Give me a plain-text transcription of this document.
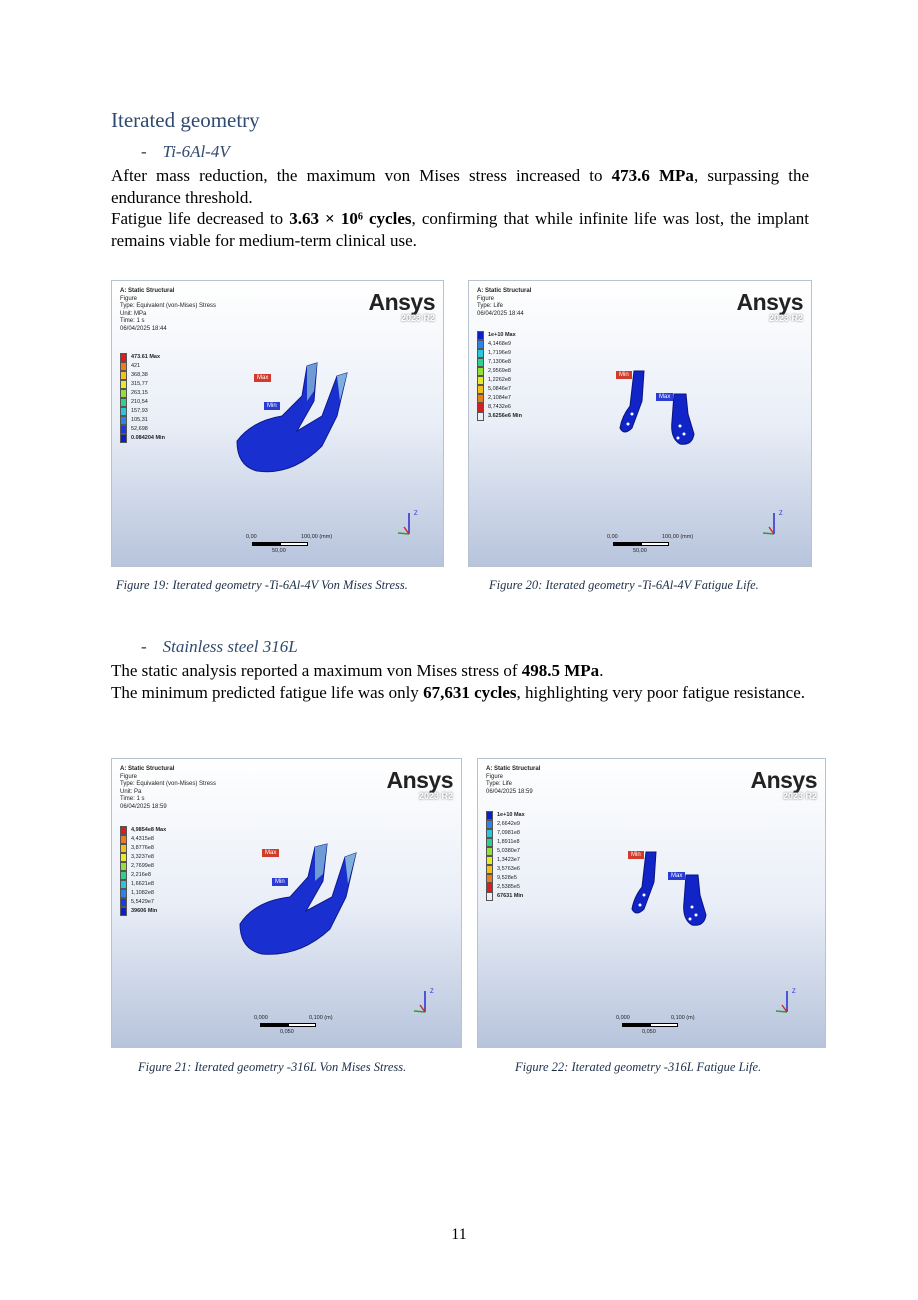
Iterated geometry
- Ti-6Al-4V
After mass reduction, the maximum von Mises stress increased to 473.6 MPa, surpassing the endurance threshold.
Fatigue life decreased to 3.63 × 10⁶ cycles, confirming that while infinite life was lost, the implant remains viable for medium-term clinical use.
- Stainless steel 316L
The static analysis reported a maximum von Mises stress of 498.5 MPa.
The minimum predicted fatigue life was only 67,631 cycles, highlighting very poor fatigue resistance.
A: Static Structural
Figure
Type: Equivalent (von-Mises) Stress
Unit: MPa
Time: 1 s
06/04/2025 18:44
Ansys
2023 R2
473.61 Max
421
368,38
315,77
263,15
210,54
157,93
105,31
52,698
0.084204 Min
Max
Min
0,00	100,00 (mm)
50,00
Z
Figure 19: Iterated geometry -Ti-6Al-4V Von Mises Stress.
A: Static Structural
Figure
Type: Life
06/04/2025 18:44	Ansys
2023 R2
1e+10 Max
4,1468e9
1,7196e9
7,1306e8
2,9569e8
1,2262e8
5,0846e7
2,1084e7
8,7432e6
3.6256e6 Min
Min
Max
0,00	100,00 (mm)
50,00
Z
Figure 20: Iterated geometry -Ti-6Al-4V Fatigue Life.
A: Static Structural
Figure
Type: Equivalent (von-Mises) Stress
Unit: Pa
Time: 1 s
06/04/2025 18:59
Ansys
2023 R2
4,9854e8 Max
4,4315e8
3,8776e8
3,3237e8
2,7699e8
2,216e8
1,6621e8
1,1082e8
5,5429e7
39606 Min
Max
Min
0,000	0,100 (m)
0,050
Z
Figure 21: Iterated geometry -316L Von Mises Stress.
A: Static Structural
Figure
Type: Life
06/04/2025 18:59	Ansys
2023 R2
1e+10 Max
2,6642e9
7,0981e8
1,8911e8
5,0380e7
1,3423e7
3,5763e6
9,528e5
2,5385e5
67631 Min
Min
Max
0,000	0,100 (m)
0,050
Z
Figure 22: Iterated geometry -316L Fatigue Life.
11
